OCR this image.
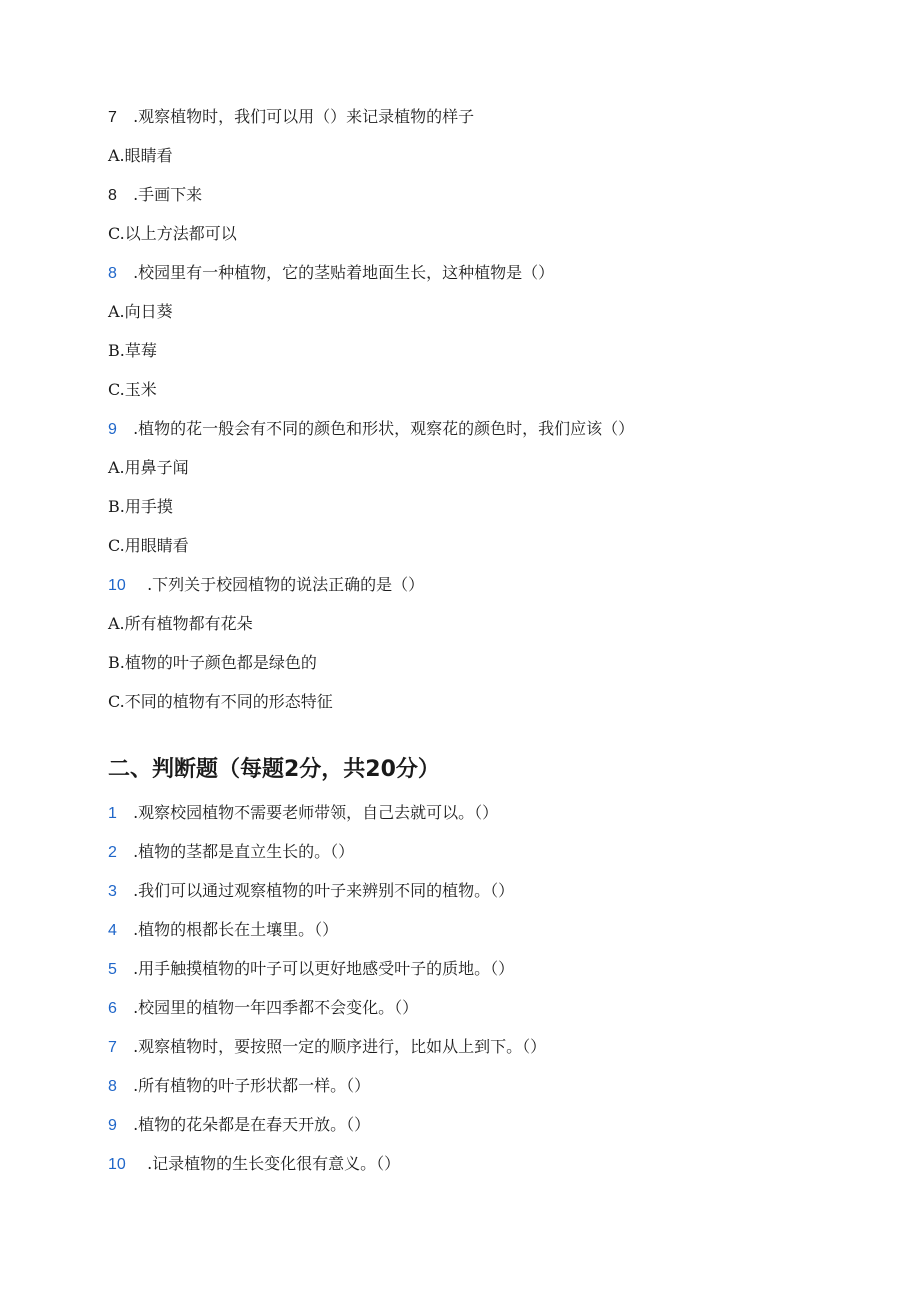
7 .观察植物时，我们可以用（）来记录植物的样子
A.眼睛看
8 .手画下来
C.以上方法都可以
8 .校园里有一种植物，它的茎贴着地面生长，这种植物是（）
A.向日葵
B.草莓
C.玉米
9 .植物的花一般会有不同的颜色和形状，观察花的颜色时，我们应该（）
A.用鼻子闻
B.用手摸
C.用眼睛看
10 .下列关于校园植物的说法正确的是（）
A.所有植物都有花朵
B.植物的叶子颜色都是绿色的
C.不同的植物有不同的形态特征
二、判断题（每题2分，共20分）
1 .观察校园植物不需要老师带领，自己去就可以。（）
2 .植物的茎都是直立生长的。（）
3 .我们可以通过观察植物的叶子来辨别不同的植物。（）
4 .植物的根都长在土壤里。（）
5 .用手触摸植物的叶子可以更好地感受叶子的质地。（）
6 .校园里的植物一年四季都不会变化。（）
7 .观察植物时，要按照一定的顺序进行，比如从上到下。（）
8 .所有植物的叶子形状都一样。（）
9 .植物的花朵都是在春天开放。（）
10 .记录植物的生长变化很有意义。（）
